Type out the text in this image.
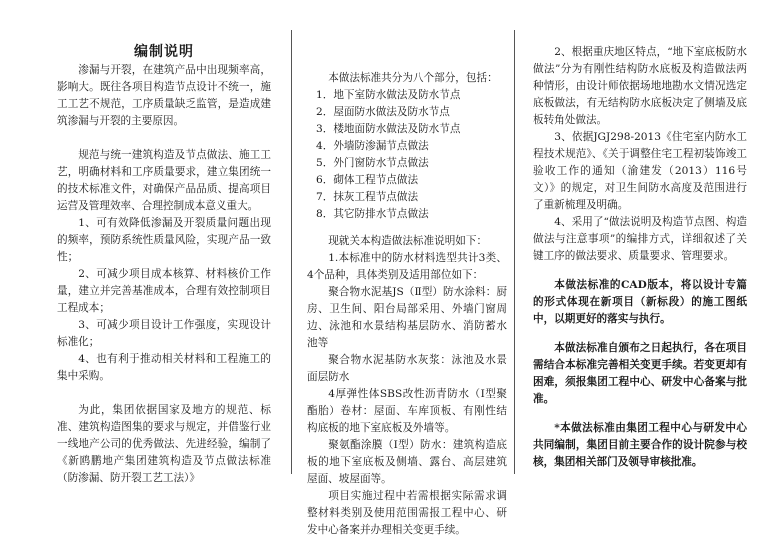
编制说明

渗漏与开裂，在建筑产品中出现频率高，影响大。既往各项目构造节点设计不统一，施工工艺不规范，工序质量缺乏监管，是造成建筑渗漏与开裂的主要原因。

规范与统一建筑构造及节点做法、施工工艺，明确材料和工序质量要求，建立集团统一的技术标准文件，对确保产品品质、提高项目运营及管理效率、合理控制成本意义重大。

1、可有效降低渗漏及开裂质量问题出现的频率，预防系统性质量风险，实现产品一致性；

2、可减少项目成本核算、材料核价工作量，建立并完善基准成本，合理有效控制项目工程成本；

3、可减少项目设计工作强度，实现设计标准化；

4、也有利于推动相关材料和工程施工的集中采购。

为此，集团依据国家及地方的规范、标准、建筑构造图集的要求与规定，并借鉴行业一线地产公司的优秀做法、先进经验，编制了《新鸥鹏地产集团建筑构造及节点做法标准（防渗漏、防开裂工艺工法）》

本做法标准共分为八个部分，包括：

1．地下室防水做法及防水节点

2．屋面防水做法及防水节点

3．楼地面防水做法及防水节点

4．外墙防渗漏节点做法

5．外门窗防水节点做法

6．砌体工程节点做法

7．抹灰工程节点做法

8．其它防排水节点做法

现就关本构造做法标准说明如下：

1.本标准中的防水材料选型共计3类、4个品种，具体类别及适用部位如下：

聚合物水泥基JS（Ⅱ型）防水涂料：厨房、卫生间、阳台局部采用、外墙门窗周边、泳池和水景结构基层防水、消防蓄水池等

聚合物水泥基防水灰浆：泳池及水景面层防水

4厚弹性体SBS改性沥青防水（Ⅰ型聚酯胎）卷材：屋面、车库顶板、有刚性结构底板的地下室底板及外墙等。

聚氨酯涂膜（Ⅰ型）防水：建筑构造底板的地下室底板及侧墙、露台、高层建筑屋面、坡屋面等。

项目实施过程中若需根据实际需求调整材料类别及使用范围需报工程中心、研发中心备案并办理相关变更手续。

2、根据重庆地区特点，“地下室底板防水做法”分为有刚性结构防水底板及构造做法两种情形，由设计师依据场地地勘水文情况选定底板做法，有无结构防水底板决定了侧墙及底板转角处做法。

3、依据JGJ298-2013《住宅室内防水工程技术规范》、《关于调整住宅工程初装饰竣工验收工作的通知（渝建发（2013）116号文）》的规定，对卫生间防水高度及范围进行了重新梳理及明确。

4、采用了“做法说明及构造节点图、构造做法与注意事项”的编排方式，详细叙述了关键工序的做法要求、质量要求、管理要求。

本做法标准的CAD版本，将以设计专篇的形式体现在新项目（新标段）的施工图纸中，以期更好的落实与执行。

本做法标准自颁布之日起执行，各在项目需结合本标准完善相关变更手续。若变更却有困难，须报集团工程中心、研发中心备案与批准。

*本做法标准由集团工程中心与研发中心共同编制，集团目前主要合作的设计院参与校核，集团相关部门及领导审核批准。
